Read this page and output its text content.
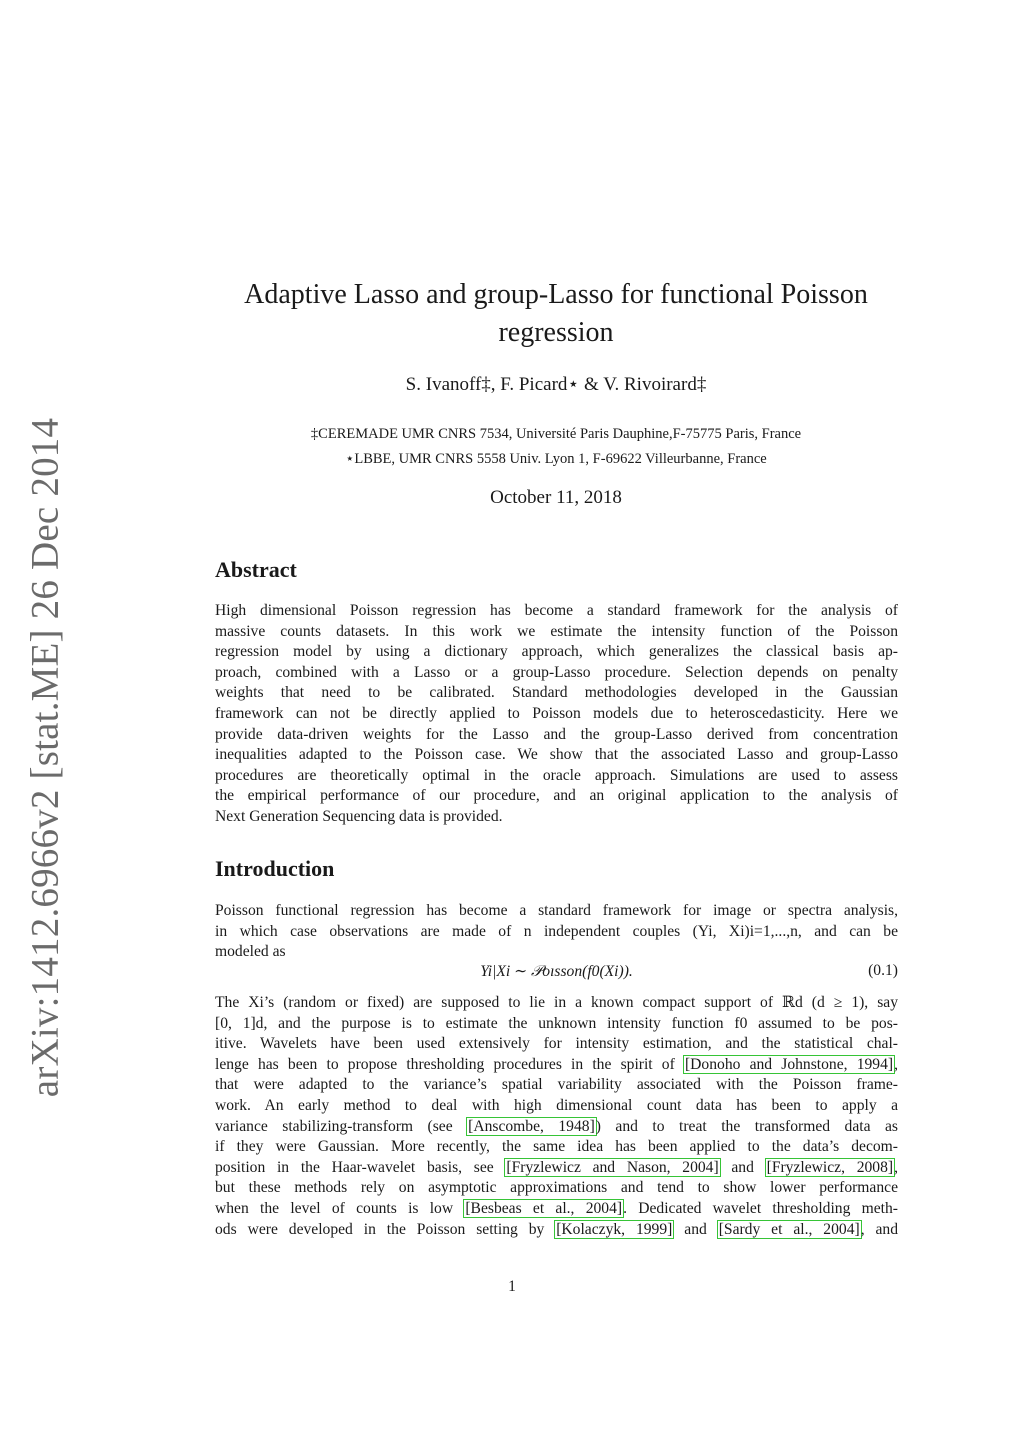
arXiv:1412.6966v2 [stat.ME] 26 Dec 2014
Adaptive Lasso and group-Lasso for functional Poisson
regression
S. Ivanoff‡, F. Picard⋆ & V. Rivoirard‡
‡CEREMADE UMR CNRS 7534, Université Paris Dauphine,F-75775 Paris, France
⋆LBBE, UMR CNRS 5558 Univ. Lyon 1, F-69622 Villeurbanne, France
October 11, 2018
Abstract
High dimensional Poisson regression has become a standard framework for the analysis of
massive counts datasets. In this work we estimate the intensity function of the Poisson
regression model by using a dictionary approach, which generalizes the classical basis ap-
proach, combined with a Lasso or a group-Lasso procedure. Selection depends on penalty
weights that need to be calibrated. Standard methodologies developed in the Gaussian
framework can not be directly applied to Poisson models due to heteroscedasticity. Here we
provide data-driven weights for the Lasso and the group-Lasso derived from concentration
inequalities adapted to the Poisson case. We show that the associated Lasso and group-Lasso
procedures are theoretically optimal in the oracle approach. Simulations are used to assess
the empirical performance of our procedure, and an original application to the analysis of
Next Generation Sequencing data is provided.
Introduction
Poisson functional regression has become a standard framework for image or spectra analysis,
in which case observations are made of n independent couples (Yi, Xi)i=1,...,n, and can be
modeled as
Yi|Xi ∼ 𝒫oısson(f0(Xi)).	(0.1)
The Xi’s (random or fixed) are supposed to lie in a known compact support of ℝd (d ≥ 1), say
[0, 1]d, and the purpose is to estimate the unknown intensity function f0 assumed to be pos-
itive. Wavelets have been used extensively for intensity estimation, and the statistical chal-
lenge has been to propose thresholding procedures in the spirit of [Donoho and Johnstone, 1994],
that were adapted to the variance’s spatial variability associated with the Poisson frame-
work. An early method to deal with high dimensional count data has been to apply a
variance stabilizing-transform (see [Anscombe, 1948]) and to treat the transformed data as
if they were Gaussian. More recently, the same idea has been applied to the data’s decom-
position in the Haar-wavelet basis, see [Fryzlewicz and Nason, 2004] and [Fryzlewicz, 2008],
but these methods rely on asymptotic approximations and tend to show lower performance
when the level of counts is low [Besbeas et al., 2004]. Dedicated wavelet thresholding meth-
ods were developed in the Poisson setting by [Kolaczyk, 1999] and [Sardy et al., 2004], and
1
